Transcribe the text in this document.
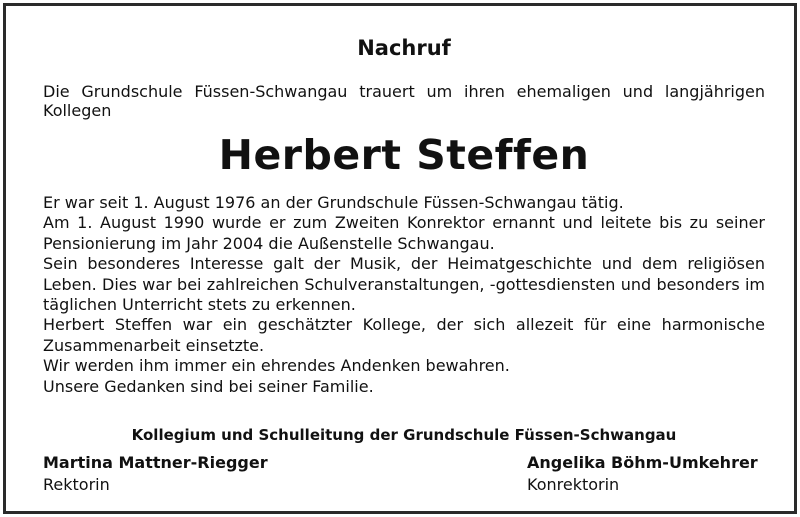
Nachruf

Die Grundschule Füssen-Schwangau trauert um ihren ehemaligen und langjährigen Kollegen

Herbert Steffen

Er war seit 1. August 1976 an der Grundschule Füssen-Schwangau tätig.

Am 1. August 1990 wurde er zum Zweiten Konrektor ernannt und leitete bis zu seiner Pensionierung im Jahr 2004 die Außenstelle Schwangau.

Sein besonderes Interesse galt der Musik, der Heimatgeschichte und dem religiösen Leben. Dies war bei zahlreichen Schulveranstaltungen, -gottesdiensten und besonders im täglichen Unterricht stets zu erkennen.

Herbert Steffen war ein geschätzter Kollege, der sich allezeit für eine harmonische Zusammenarbeit einsetzte.

Wir werden ihm immer ein ehrendes Andenken bewahren.

Unsere Gedanken sind bei seiner Familie.

Kollegium und Schulleitung der Grundschule Füssen-Schwangau

Martina Mattner-Riegger
Rektorin
Angelika Böhm-Umkehrer
Konrektorin
